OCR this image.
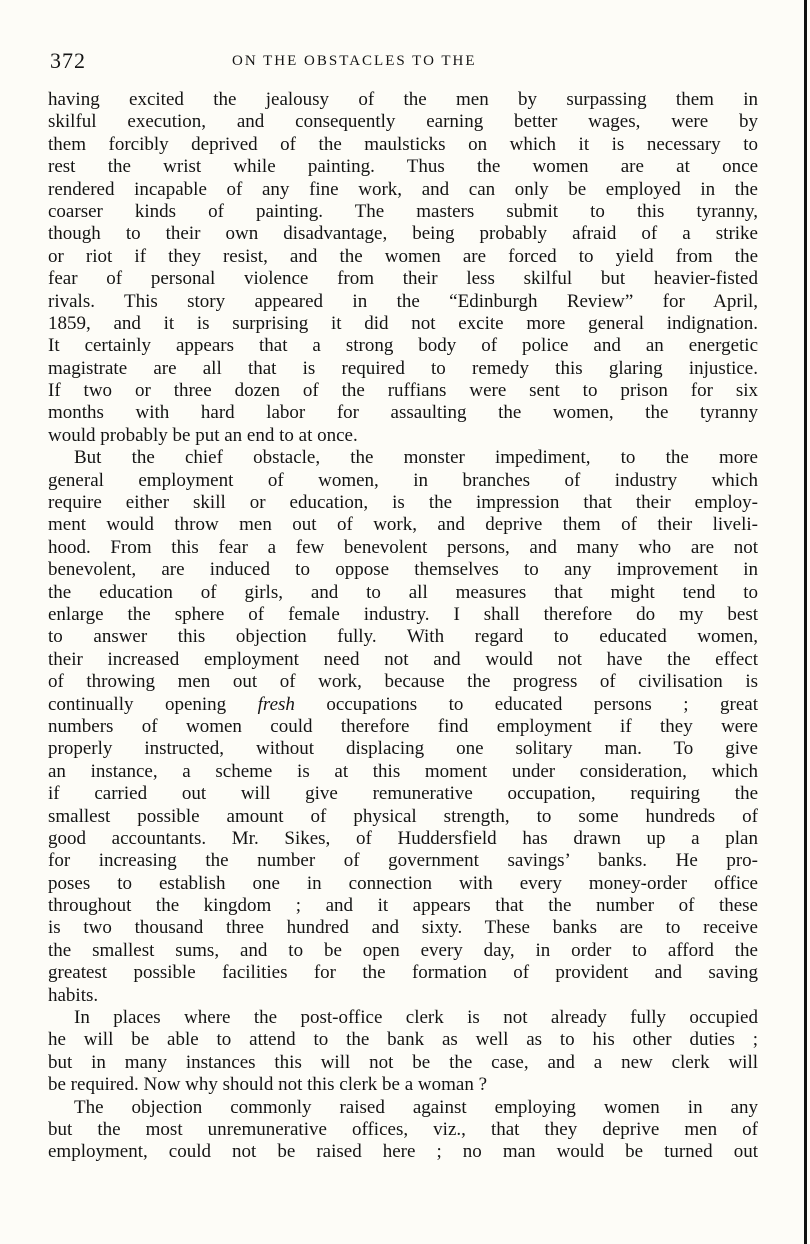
372	ON THE OBSTACLES TO THE
having excited the jealousy of the men by surpassing them in
skilful execution, and consequently earning better wages, were by
them forcibly deprived of the maulsticks on which it is necessary to
rest the wrist while painting. Thus the women are at once
rendered incapable of any fine work, and can only be employed in the
coarser kinds of painting. The masters submit to this tyranny,
though to their own disadvantage, being probably afraid of a strike
or riot if they resist, and the women are forced to yield from the
fear of personal violence from their less skilful but heavier-fisted
rivals. This story appeared in the “Edinburgh Review” for April,
1859, and it is surprising it did not excite more general indignation.
It certainly appears that a strong body of police and an energetic
magistrate are all that is required to remedy this glaring injustice.
If two or three dozen of the ruffians were sent to prison for six
months with hard labor for assaulting the women, the tyranny
would probably be put an end to at once.
But the chief obstacle, the monster impediment, to the more
general employment of women, in branches of industry which
require either skill or education, is the impression that their employ-
ment would throw men out of work, and deprive them of their liveli-
hood. From this fear a few benevolent persons, and many who are not
benevolent, are induced to oppose themselves to any improvement in
the education of girls, and to all measures that might tend to
enlarge the sphere of female industry. I shall therefore do my best
to answer this objection fully. With regard to educated women,
their increased employment need not and would not have the effect
of throwing men out of work, because the progress of civilisation is
continually opening fresh occupations to educated persons ; great
numbers of women could therefore find employment if they were
properly instructed, without displacing one solitary man. To give
an instance, a scheme is at this moment under consideration, which
if carried out will give remunerative occupation, requiring the
smallest possible amount of physical strength, to some hundreds of
good accountants. Mr. Sikes, of Huddersfield has drawn up a plan
for increasing the number of government savings’ banks. He pro-
poses to establish one in connection with every money-order office
throughout the kingdom ; and it appears that the number of these
is two thousand three hundred and sixty. These banks are to receive
the smallest sums, and to be open every day, in order to afford the
greatest possible facilities for the formation of provident and saving
habits.
In places where the post-office clerk is not already fully occupied
he will be able to attend to the bank as well as to his other duties ;
but in many instances this will not be the case, and a new clerk will
be required. Now why should not this clerk be a woman ?
The objection commonly raised against employing women in any
but the most unremunerative offices, viz., that they deprive men of
employment, could not be raised here ; no man would be turned out
